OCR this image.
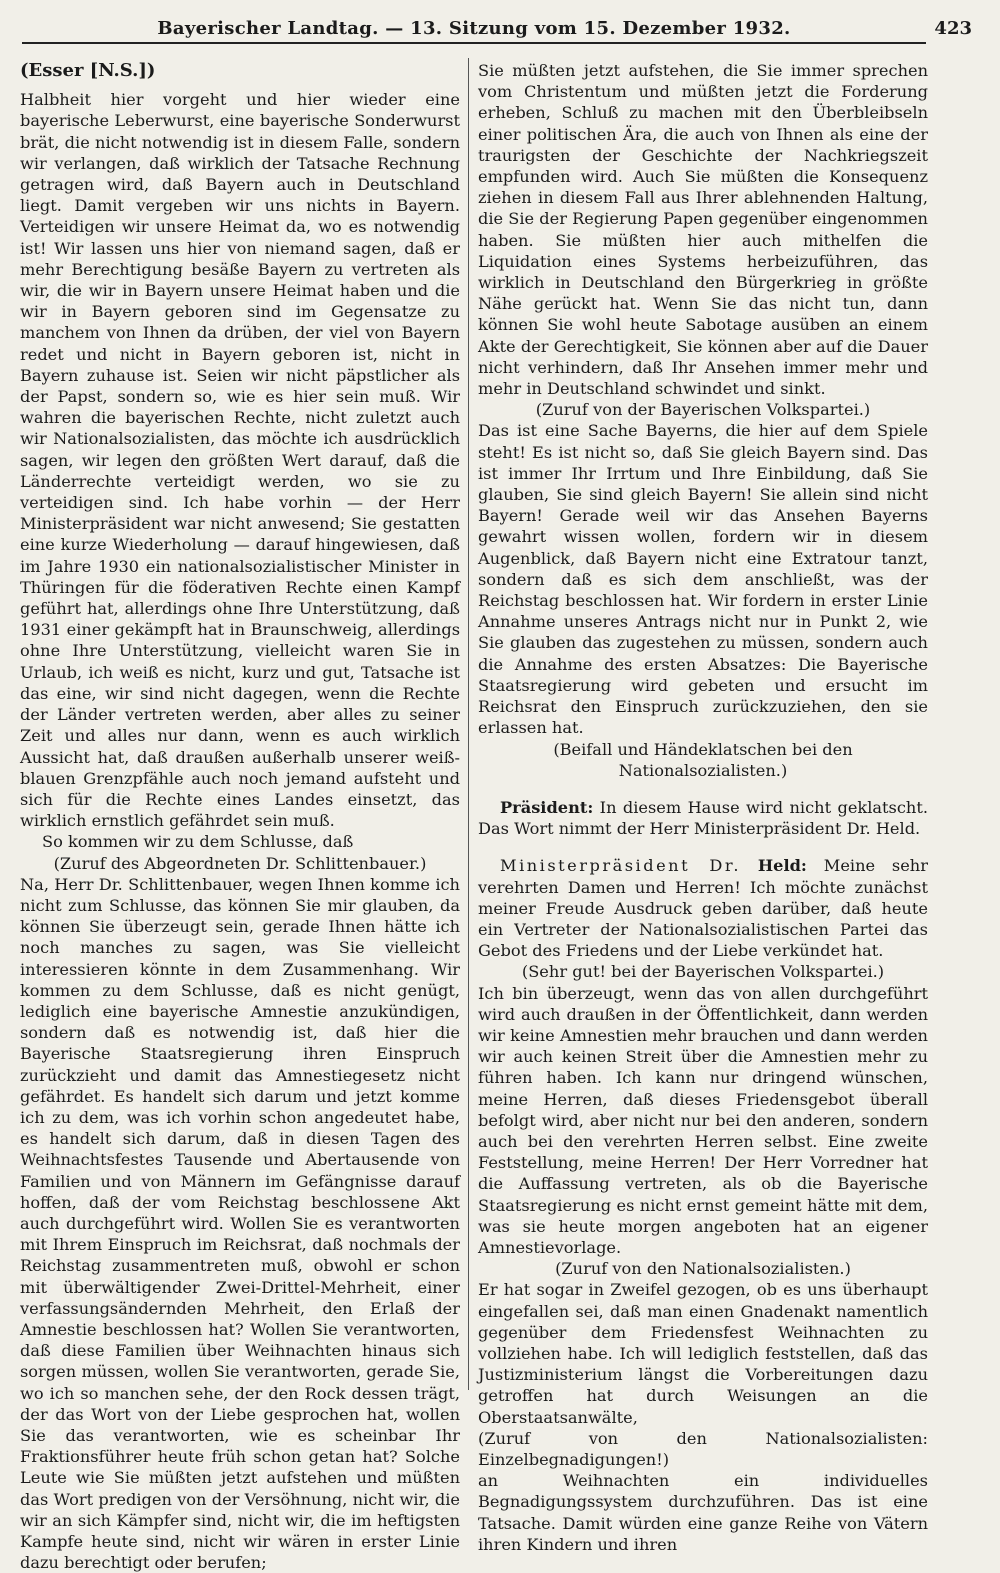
Bayerischer Landtag. — 13. Sitzung vom 15. Dezember 1932.	423

(Esser [N.S.])

Halbheit hier vorgeht und hier wieder eine bayerische Leberwurst, eine bayerische Sonderwurst brät, die nicht notwendig ist in diesem Falle, sondern wir verlangen, daß wirklich der Tatsache Rechnung getragen wird, daß Bayern auch in Deutschland liegt. Damit vergeben wir uns nichts in Bayern. Verteidigen wir unsere Heimat da, wo es notwendig ist! Wir lassen uns hier von niemand sagen, daß er mehr Berechtigung besäße Bayern zu vertreten als wir, die wir in Bayern unsere Heimat haben und die wir in Bayern geboren sind im Gegensatze zu manchem von Ihnen da drüben, der viel von Bayern redet und nicht in Bayern geboren ist, nicht in Bayern zuhause ist. Seien wir nicht päpstlicher als der Papst, sondern so, wie es hier sein muß. Wir wahren die bayerischen Rechte, nicht zuletzt auch wir Nationalsozialisten, das möchte ich ausdrücklich sagen, wir legen den größten Wert darauf, daß die Länderrechte verteidigt werden, wo sie zu verteidigen sind. Ich habe vorhin — der Herr Ministerpräsident war nicht anwesend; Sie gestatten eine kurze Wiederholung — darauf hingewiesen, daß im Jahre 1930 ein nationalsozialistischer Minister in Thüringen für die föderativen Rechte einen Kampf geführt hat, allerdings ohne Ihre Unterstützung, daß 1931 einer gekämpft hat in Braunschweig, allerdings ohne Ihre Unterstützung, vielleicht waren Sie in Urlaub, ich weiß es nicht, kurz und gut, Tatsache ist das eine, wir sind nicht dagegen, wenn die Rechte der Länder vertreten werden, aber alles zu seiner Zeit und alles nur dann, wenn es auch wirklich Aussicht hat, daß draußen außerhalb unserer weiß-blauen Grenzpfähle auch noch jemand aufsteht und sich für die Rechte eines Landes einsetzt, das wirklich ernstlich gefährdet sein muß.

So kommen wir zu dem Schlusse, daß

(Zuruf des Abgeordneten Dr. Schlittenbauer.)

Na, Herr Dr. Schlittenbauer, wegen Ihnen komme ich nicht zum Schlusse, das können Sie mir glauben, da können Sie überzeugt sein, gerade Ihnen hätte ich noch manches zu sagen, was Sie vielleicht interessieren könnte in dem Zusammenhang. Wir kommen zu dem Schlusse, daß es nicht genügt, lediglich eine bayerische Amnestie anzukündigen, sondern daß es notwendig ist, daß hier die Bayerische Staatsregierung ihren Einspruch zurückzieht und damit das Amnestiegesetz nicht gefährdet. Es handelt sich darum und jetzt komme ich zu dem, was ich vorhin schon angedeutet habe, es handelt sich darum, daß in diesen Tagen des Weihnachtsfestes Tausende und Abertausende von Familien und von Männern im Gefängnisse darauf hoffen, daß der vom Reichstag beschlossene Akt auch durchgeführt wird. Wollen Sie es verantworten mit Ihrem Einspruch im Reichsrat, daß nochmals der Reichstag zusammentreten muß, obwohl er schon mit überwältigender Zwei-Drittel-Mehrheit, einer verfassungsändernden Mehrheit, den Erlaß der Amnestie beschlossen hat? Wollen Sie verantworten, daß diese Familien über Weihnachten hinaus sich sorgen müssen, wollen Sie verantworten, gerade Sie, wo ich so manchen sehe, der den Rock dessen trägt, der das Wort von der Liebe gesprochen hat, wollen Sie das verantworten, wie es scheinbar Ihr Fraktionsführer heute früh schon getan hat? Solche Leute wie Sie müßten jetzt aufstehen und müßten das Wort predigen von der Versöhnung, nicht wir, die wir an sich Kämpfer sind, nicht wir, die im heftigsten Kampfe heute sind, nicht wir wären in erster Linie dazu berechtigt oder berufen;

Sie müßten jetzt aufstehen, die Sie immer sprechen vom Christentum und müßten jetzt die Forderung erheben, Schluß zu machen mit den Überbleibseln einer politischen Ära, die auch von Ihnen als eine der traurigsten der Geschichte der Nachkriegszeit empfunden wird. Auch Sie müßten die Konsequenz ziehen in diesem Fall aus Ihrer ablehnenden Haltung, die Sie der Regierung Papen gegenüber eingenommen haben. Sie müßten hier auch mithelfen die Liquidation eines Systems herbeizuführen, das wirklich in Deutschland den Bürgerkrieg in größte Nähe gerückt hat. Wenn Sie das nicht tun, dann können Sie wohl heute Sabotage ausüben an einem Akte der Gerechtigkeit, Sie können aber auf die Dauer nicht verhindern, daß Ihr Ansehen immer mehr und mehr in Deutschland schwindet und sinkt.

(Zuruf von der Bayerischen Volkspartei.)

Das ist eine Sache Bayerns, die hier auf dem Spiele steht! Es ist nicht so, daß Sie gleich Bayern sind. Das ist immer Ihr Irrtum und Ihre Einbildung, daß Sie glauben, Sie sind gleich Bayern! Sie allein sind nicht Bayern! Gerade weil wir das Ansehen Bayerns gewahrt wissen wollen, fordern wir in diesem Augenblick, daß Bayern nicht eine Extratour tanzt, sondern daß es sich dem anschließt, was der Reichstag beschlossen hat. Wir fordern in erster Linie Annahme unseres Antrags nicht nur in Punkt 2, wie Sie glauben das zugestehen zu müssen, sondern auch die Annahme des ersten Absatzes: Die Bayerische Staatsregierung wird gebeten und ersucht im Reichsrat den Einspruch zurückzuziehen, den sie erlassen hat.

(Beifall und Händeklatschen bei den Nationalsozialisten.)

Präsident: In diesem Hause wird nicht geklatscht. Das Wort nimmt der Herr Ministerpräsident Dr. Held.

Ministerpräsident Dr. Held: Meine sehr verehrten Damen und Herren! Ich möchte zunächst meiner Freude Ausdruck geben darüber, daß heute ein Vertreter der Nationalsozialistischen Partei das Gebot des Friedens und der Liebe verkündet hat.

(Sehr gut! bei der Bayerischen Volkspartei.)

Ich bin überzeugt, wenn das von allen durchgeführt wird auch draußen in der Öffentlichkeit, dann werden wir keine Amnestien mehr brauchen und dann werden wir auch keinen Streit über die Amnestien mehr zu führen haben. Ich kann nur dringend wünschen, meine Herren, daß dieses Friedensgebot überall befolgt wird, aber nicht nur bei den anderen, sondern auch bei den verehrten Herren selbst. Eine zweite Feststellung, meine Herren! Der Herr Vorredner hat die Auffassung vertreten, als ob die Bayerische Staatsregierung es nicht ernst gemeint hätte mit dem, was sie heute morgen angeboten hat an eigener Amnestievorlage.

(Zuruf von den Nationalsozialisten.)

Er hat sogar in Zweifel gezogen, ob es uns überhaupt eingefallen sei, daß man einen Gnadenakt namentlich gegenüber dem Friedensfest Weihnachten zu vollziehen habe. Ich will lediglich feststellen, daß das Justizministerium längst die Vorbereitungen dazu getroffen hat durch Weisungen an die Oberstaatsanwälte,

(Zuruf von den Nationalsozialisten: Einzelbegnadigungen!)

an Weihnachten ein individuelles Begnadigungssystem durchzuführen. Das ist eine Tatsache. Damit würden eine ganze Reihe von Vätern ihren Kindern und ihren
